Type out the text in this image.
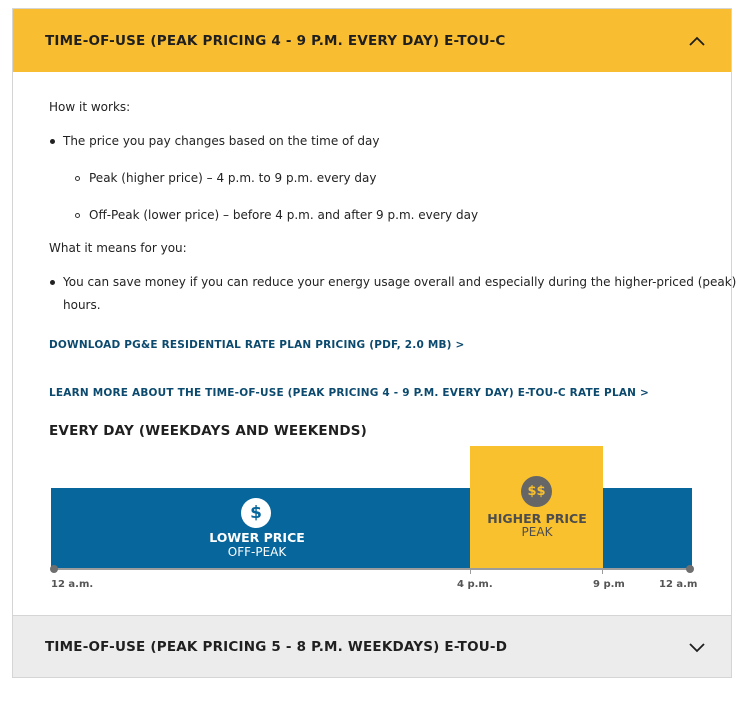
TIME-OF-USE (PEAK PRICING 4 - 9 P.M. EVERY DAY) E-TOU-C
How it works:
The price you pay changes based on the time of day
Peak (higher price) – 4 p.m. to 9 p.m. every day
Off-Peak (lower price) – before 4 p.m. and after 9 p.m. every day
What it means for you:
You can save money if you can reduce your energy usage overall and especially during the higher-priced (peak)
hours.
DOWNLOAD PG&E RESIDENTIAL RATE PLAN PRICING (PDF, 2.0 MB) >
LEARN MORE ABOUT THE TIME-OF-USE (PEAK PRICING 4 - 9 P.M. EVERY DAY) E-TOU-C RATE PLAN >
EVERY DAY (WEEKDAYS AND WEEKENDS)
$
LOWER PRICE
OFF-PEAK
$$
HIGHER PRICE
PEAK
12 a.m.	4 p.m.	9 p.m	12 a.m
TIME-OF-USE (PEAK PRICING 5 - 8 P.M. WEEKDAYS) E-TOU-D
